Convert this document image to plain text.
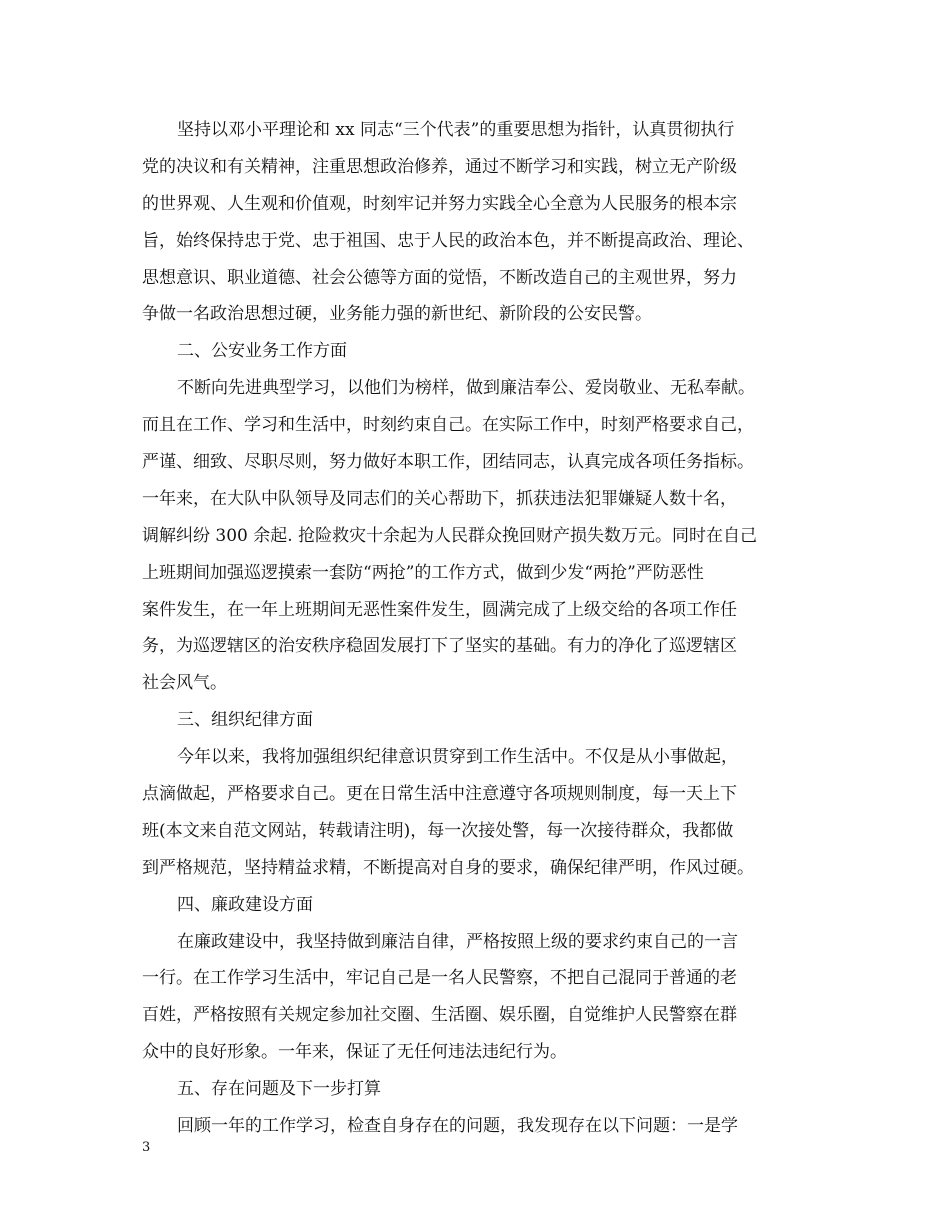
坚持以邓小平理论和 xx 同志“三个代表”的重要思想为指针，认真贯彻执行
党的决议和有关精神，注重思想政治修养，通过不断学习和实践，树立无产阶级
的世界观、人生观和价值观，时刻牢记并努力实践全心全意为人民服务的根本宗
旨，始终保持忠于党、忠于祖国、忠于人民的政治本色，并不断提高政治、理论、
思想意识、职业道德、社会公德等方面的觉悟，不断改造自己的主观世界，努力
争做一名政治思想过硬，业务能力强的新世纪、新阶段的公安民警。
二、公安业务工作方面
不断向先进典型学习，以他们为榜样，做到廉洁奉公、爱岗敬业、无私奉献。
而且在工作、学习和生活中，时刻约束自己。在实际工作中，时刻严格要求自己，
严谨、细致、尽职尽则，努力做好本职工作，团结同志，认真完成各项任务指标。
一年来，在大队中队领导及同志们的关心帮助下，抓获违法犯罪嫌疑人数十名，
调解纠纷 300 余起. 抢险救灾十余起为人民群众挽回财产损失数万元。同时在自己
上班期间加强巡逻摸索一套防“两抢”的工作方式，做到少发“两抢”严防恶性
案件发生，在一年上班期间无恶性案件发生，圆满完成了上级交给的各项工作任
务，为巡逻辖区的治安秩序稳固发展打下了坚实的基础。有力的净化了巡逻辖区
社会风气。
三、组织纪律方面
今年以来，我将加强组织纪律意识贯穿到工作生活中。不仅是从小事做起，
点滴做起，严格要求自己。更在日常生活中注意遵守各项规则制度，每一天上下
班(本文来自范文网站，转载请注明)，每一次接处警，每一次接待群众，我都做
到严格规范，坚持精益求精，不断提高对自身的要求，确保纪律严明，作风过硬。
四、廉政建设方面
在廉政建设中，我坚持做到廉洁自律，严格按照上级的要求约束自己的一言
一行。在工作学习生活中，牢记自己是一名人民警察，不把自己混同于普通的老
百姓，严格按照有关规定参加社交圈、生活圈、娱乐圈，自觉维护人民警察在群
众中的良好形象。一年来，保证了无任何违法违纪行为。
五、存在问题及下一步打算
回顾一年的工作学习，检查自身存在的问题，我发现存在以下问题：一是学
3
